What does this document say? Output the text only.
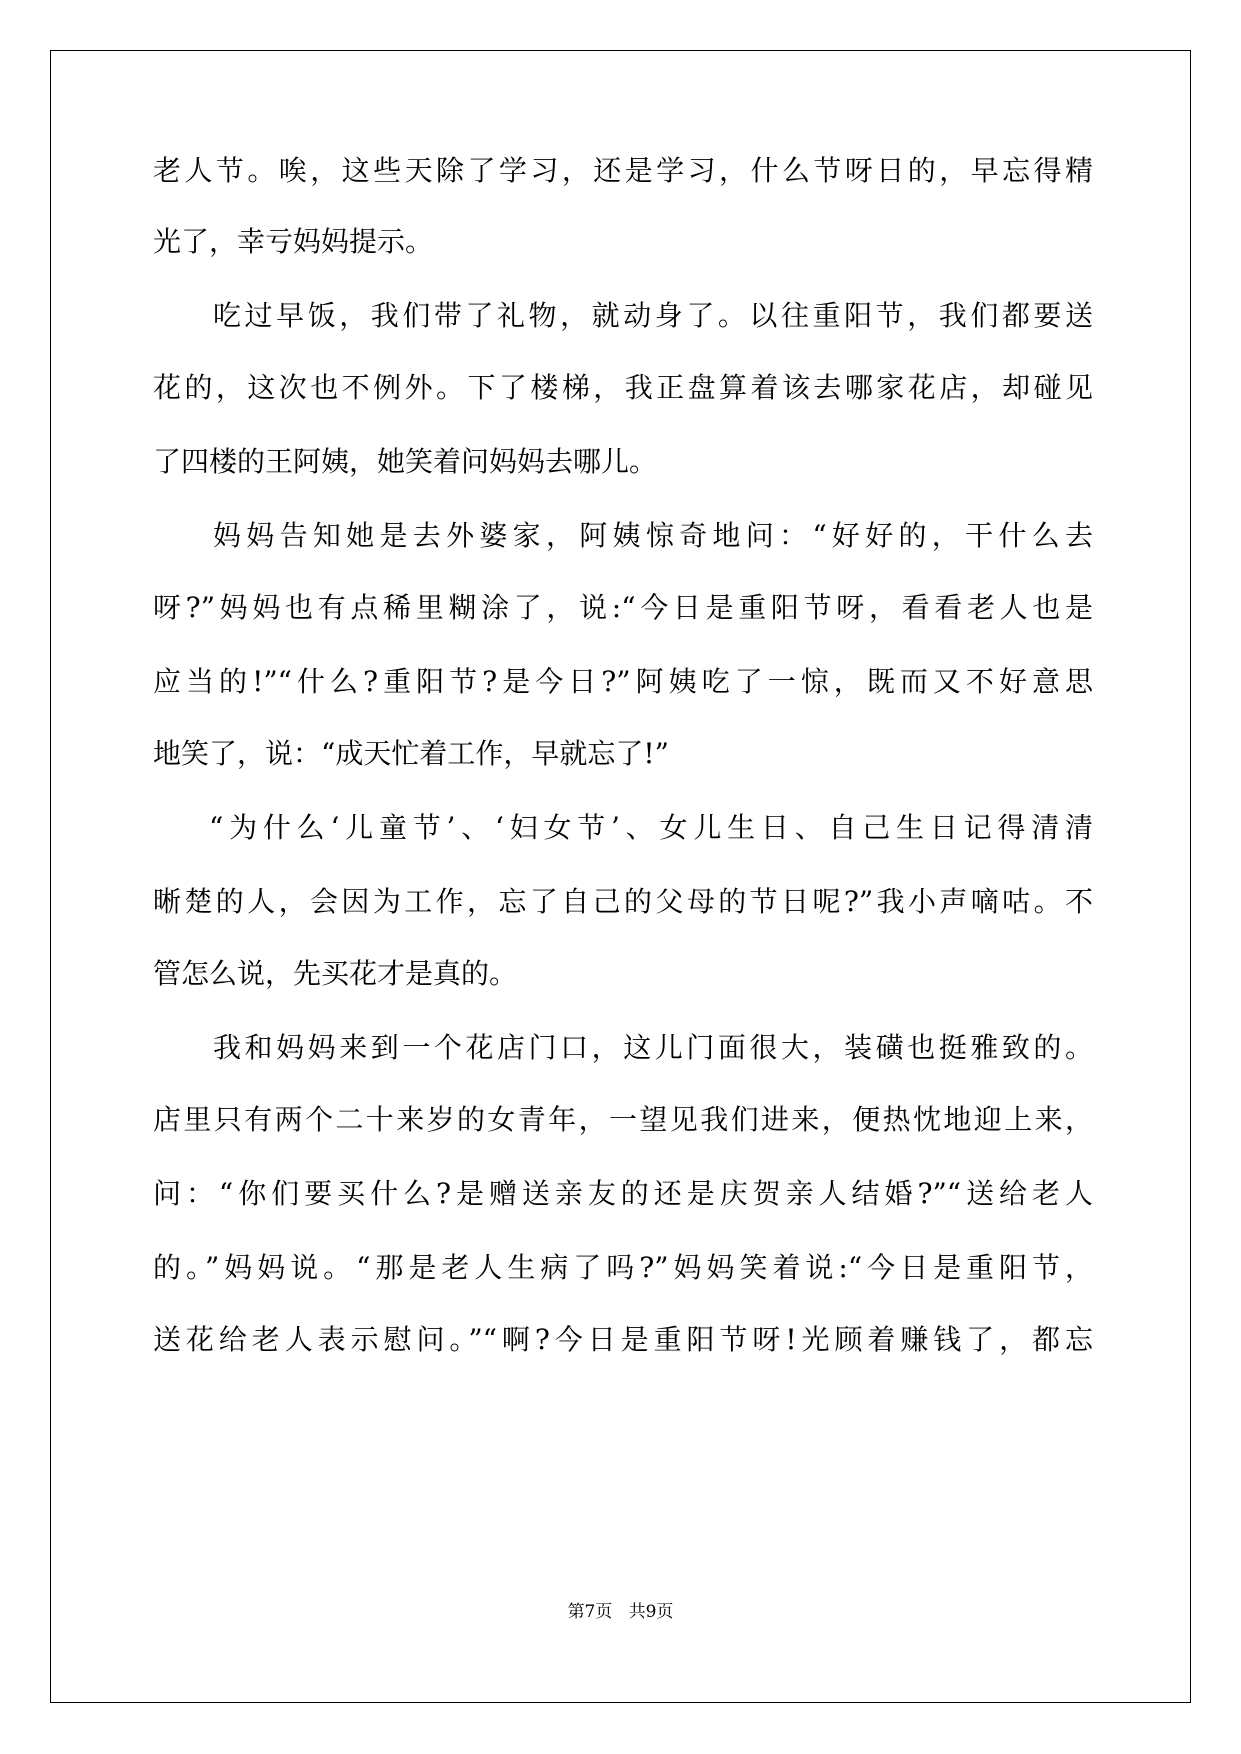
老人节。唉，这些天除了学习，还是学习，什么节呀日的，早忘得精
光了，幸亏妈妈提示。
吃过早饭，我们带了礼物，就动身了。以往重阳节，我们都要送
花的，这次也不例外。下了楼梯，我正盘算着该去哪家花店，却碰见
了四楼的王阿姨，她笑着问妈妈去哪儿。
妈妈告知她是去外婆家，阿姨惊奇地问：“好好的，干什么去
呀?”妈妈也有点稀里糊涂了，说:“今日是重阳节呀，看看老人也是
应当的!”“什么?重阳节?是今日?”阿姨吃了一惊，既而又不好意思
地笑了，说：“成天忙着工作，早就忘了!”
“为什么‘儿童节’、‘妇女节’、女儿生日、自己生日记得清清
晰楚的人，会因为工作，忘了自己的父母的节日呢?”我小声嘀咕。不
管怎么说，先买花才是真的。
我和妈妈来到一个花店门口，这儿门面很大，装磺也挺雅致的。
店里只有两个二十来岁的女青年，一望见我们进来，便热忱地迎上来，
问：“你们要买什么?是赠送亲友的还是庆贺亲人结婚?”“送给老人
的。”妈妈说。“那是老人生病了吗?”妈妈笑着说:“今日是重阳节，
送花给老人表示慰问。”“啊?今日是重阳节呀!光顾着赚钱了，都忘
第7页 共9页
